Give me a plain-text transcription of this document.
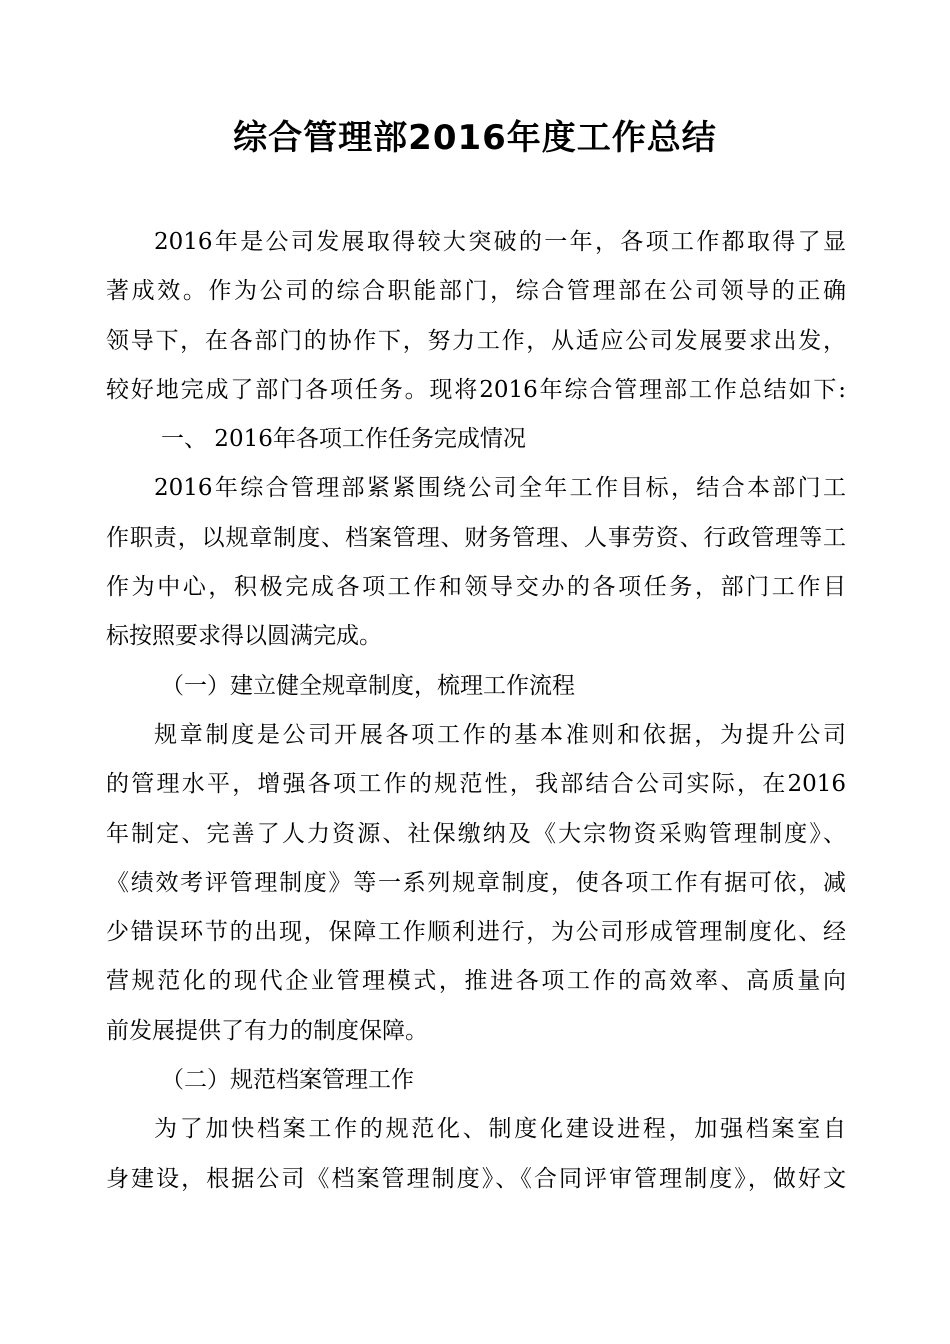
综合管理部2016年度工作总结
2016年是公司发展取得较大突破的一年，各项工作都取得了显
著成效。作为公司的综合职能部门，综合管理部在公司领导的正确
领导下，在各部门的协作下，努力工作，从适应公司发展要求出发，
较好地完成了部门各项任务。现将2016年综合管理部工作总结如下:
一、 2016年各项工作任务完成情况
2016年综合管理部紧紧围绕公司全年工作目标，结合本部门工
作职责，以规章制度、档案管理、财务管理、人事劳资、行政管理等工
作为中心，积极完成各项工作和领导交办的各项任务，部门工作目
标按照要求得以圆满完成。
（一）建立健全规章制度，梳理工作流程
规章制度是公司开展各项工作的基本准则和依据，为提升公司
的管理水平，增强各项工作的规范性，我部结合公司实际，在2016
年制定、完善了人力资源、社保缴纳及《大宗物资采购管理制度》、
《绩效考评管理制度》等一系列规章制度，使各项工作有据可依，减
少错误环节的出现，保障工作顺利进行，为公司形成管理制度化、经
营规范化的现代企业管理模式，推进各项工作的高效率、高质量向
前发展提供了有力的制度保障。
（二）规范档案管理工作
为了加快档案工作的规范化、制度化建设进程，加强档案室自
身建设，根据公司《档案管理制度》、《合同评审管理制度》，做好文
